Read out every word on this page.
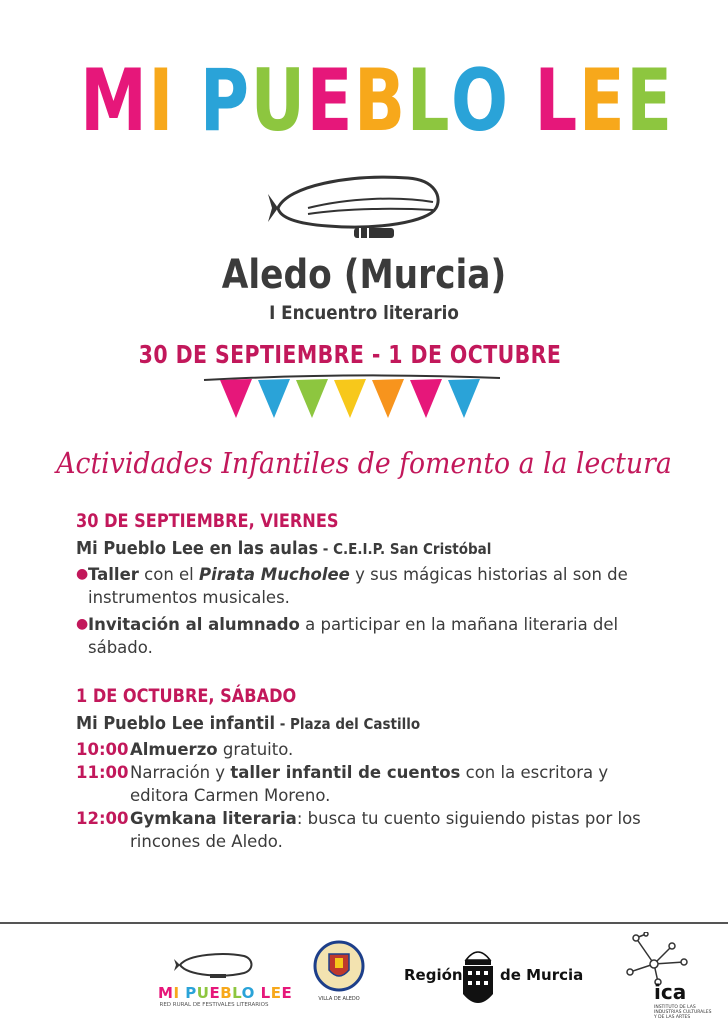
MI PUEBLO LEE
Aledo (Murcia)
I Encuentro literario
30 DE SEPTIEMBRE - 1 DE OCTUBRE
Actividades Infantiles de fomento a la lectura
30 DE SEPTIEMBRE, VIERNES
Mi Pueblo Lee en las aulas - C.E.I.P. San Cristóbal
● Taller con el Pirata Mucholee y sus mágicas historias al son de instrumentos musicales.
● Invitación al alumnado a participar en la mañana literaria del sábado.
1 DE OCTUBRE, SÁBADO
Mi Pueblo Lee infantil - Plaza del Castillo
10:00 Almuerzo gratuito.
11:00 Narración y taller infantil de cuentos con la escritora y editora Carmen Moreno.
12:00 Gymkana literaria: busca tu cuento siguiendo pistas por los rincones de Aledo.
MI PUEBLO LEE
RED RURAL DE FESTIVALES LITERARIOS
VILLA DE ALEDO
Región de Murcia
ica
INSTITUTO DE LAS INDUSTRIAS CULTURALES Y DE LAS ARTES
